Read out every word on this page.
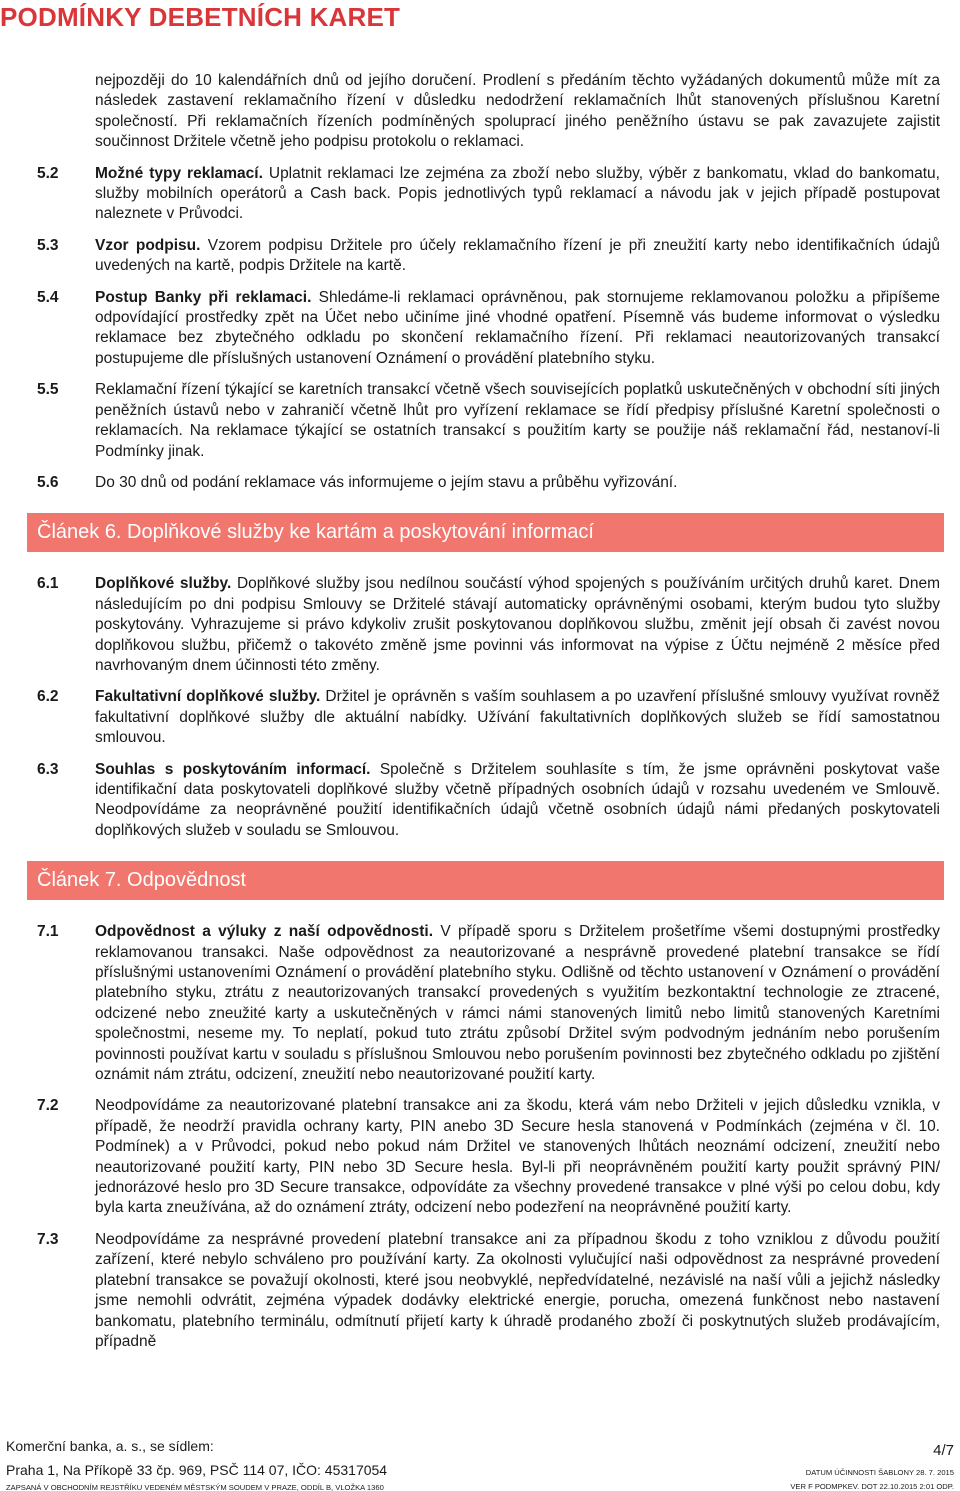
PODMÍNKY DEBETNÍCH KARET
nejpozději do 10 kalendářních dnů od jejího doručení. Prodlení s předáním těchto vyžádaných dokumentů může mít za následek zastavení reklamačního řízení v důsledku nedodržení reklamačních lhůt stanovených příslušnou Karetní společností. Při reklamačních řízeních podmíněných spoluprací jiného peněžního ústavu se pak zavazujete zajistit součinnost Držitele včetně jeho podpisu protokolu o reklamaci.
5.2 Možné typy reklamací. Uplatnit reklamaci lze zejména za zboží nebo služby, výběr z bankomatu, vklad do bankomatu, služby mobilních operátorů a Cash back. Popis jednotlivých typů reklamací a návodu jak v jejich případě postupovat naleznete v Průvodci.
5.3 Vzor podpisu. Vzorem podpisu Držitele pro účely reklamačního řízení je při zneužití karty nebo identifikačních údajů uvedených na kartě, podpis Držitele na kartě.
5.4 Postup Banky při reklamaci. Shledáme-li reklamaci oprávněnou, pak stornujeme reklamovanou položku a připíšeme odpovídající prostředky zpět na Účet nebo učiníme jiné vhodné opatření. Písemně vás budeme informovat o výsledku reklamace bez zbytečného odkladu po skončení reklamačního řízení. Při reklamaci neautorizovaných transakcí postupujeme dle příslušných ustanovení Oznámení o provádění platebního styku.
5.5 Reklamační řízení týkající se karetních transakcí včetně všech souvisejících poplatků uskutečněných v obchodní síti jiných peněžních ústavů nebo v zahraničí včetně lhůt pro vyřízení reklamace se řídí předpisy příslušné Karetní společnosti o reklamacích. Na reklamace týkající se ostatních transakcí s použitím karty se použije náš reklamační řád, nestanoví-li Podmínky jinak.
5.6 Do 30 dnů od podání reklamace vás informujeme o jejím stavu a průběhu vyřizování.
Článek 6. Doplňkové služby ke kartám a poskytování informací
6.1 Doplňkové služby. Doplňkové služby jsou nedílnou součástí výhod spojených s používáním určitých druhů karet. Dnem následujícím po dni podpisu Smlouvy se Držitelé stávají automaticky oprávněnými osobami, kterým budou tyto služby poskytovány. Vyhrazujeme si právo kdykoliv zrušit poskytovanou doplňkovou službu, změnit její obsah či zavést novou doplňkovou službu, přičemž o takovéto změně jsme povinni vás informovat na výpise z Účtu nejméně 2 měsíce před navrhovaným dnem účinnosti této změny.
6.2 Fakultativní doplňkové služby. Držitel je oprávněn s vaším souhlasem a po uzavření příslušné smlouvy využívat rovněž fakultativní doplňkové služby dle aktuální nabídky. Užívání fakultativních doplňkových služeb se řídí samostatnou smlouvou.
6.3 Souhlas s poskytováním informací. Společně s Držitelem souhlasíte s tím, že jsme oprávněni poskytovat vaše identifikační data poskytovateli doplňkové služby včetně případných osobních údajů v rozsahu uvedeném ve Smlouvě. Neodpovídáme za neoprávněné použití identifikačních údajů včetně osobních údajů námi předaných poskytovateli doplňkových služeb v souladu se Smlouvou.
Článek 7. Odpovědnost
7.1 Odpovědnost a výluky z naší odpovědnosti. V případě sporu s Držitelem prošetříme všemi dostupnými prostředky reklamovanou transakci. Naše odpovědnost za neautorizované a nesprávně provedené platební transakce se řídí příslušnými ustanoveními Oznámení o provádění platebního styku. Odlišně od těchto ustanovení v Oznámení o provádění platebního styku, ztrátu z neautorizovaných transakcí provedených s využitím bezkontaktní technologie ze ztracené, odcizené nebo zneužité karty a uskutečněných v rámci námi stanovených limitů nebo limitů stanovených Karetními společnostmi, neseme my. To neplatí, pokud tuto ztrátu způsobí Držitel svým podvodným jednáním nebo porušením povinnosti používat kartu v souladu s příslušnou Smlouvou nebo porušením povinnosti bez zbytečného odkladu po zjištění oznámit nám ztrátu, odcizení, zneužití nebo neautorizované použití karty.
7.2 Neodpovídáme za neautorizované platební transakce ani za škodu, která vám nebo Držiteli v jejich důsledku vznikla, v případě, že neodrží pravidla ochrany karty, PIN anebo 3D Secure hesla stanovená v Podmínkách (zejména v čl. 10. Podmínek) a v Průvodci, pokud nebo pokud nám Držitel ve stanovených lhůtách neoznámí odcizení, zneužití nebo neautorizované použití karty, PIN nebo 3D Secure hesla. Byl-li při neoprávněném použití karty použit správný PIN/ jednorázové heslo pro 3D Secure transakce, odpovídáte za všechny provedené transakce v plné výši po celou dobu, kdy byla karta zneužívána, až do oznámení ztráty, odcizení nebo podezření na neoprávněné použití karty.
7.3 Neodpovídáme za nesprávné provedení platební transakce ani za případnou škodu z toho vzniklou z důvodu použití zařízení, které nebylo schváleno pro používání karty. Za okolnosti vylučující naši odpovědnost za nesprávné provedení platební transakce se považují okolnosti, které jsou neobvyklé, nepředvídatelné, nezávislé na naší vůli a jejichž následky jsme nemohli odvrátit, zejména výpadek dodávky elektrické energie, porucha, omezená funkčnost nebo nastavení bankomatu, platebního terminálu, odmítnutí přijetí karty k úhradě prodaného zboží či poskytnutých služeb prodávajícím, případně
Komerční banka, a. s., se sídlem:
Praha 1, Na Příkopě 33 čp. 969, PSČ 114 07, IČO: 45317054
ZAPSANÁ V OBCHODNÍM REJSTŘÍKU VEDENÉM MĚSTSKÝM SOUDEM V PRAZE, ODDÍL B, VLOŽKA 1360
4/7
DATUM ÚČINNOSTI ŠABLONY 28. 7. 2015
VER F PODMPKEV. DOT 22.10.2015 2:01 ODP.
